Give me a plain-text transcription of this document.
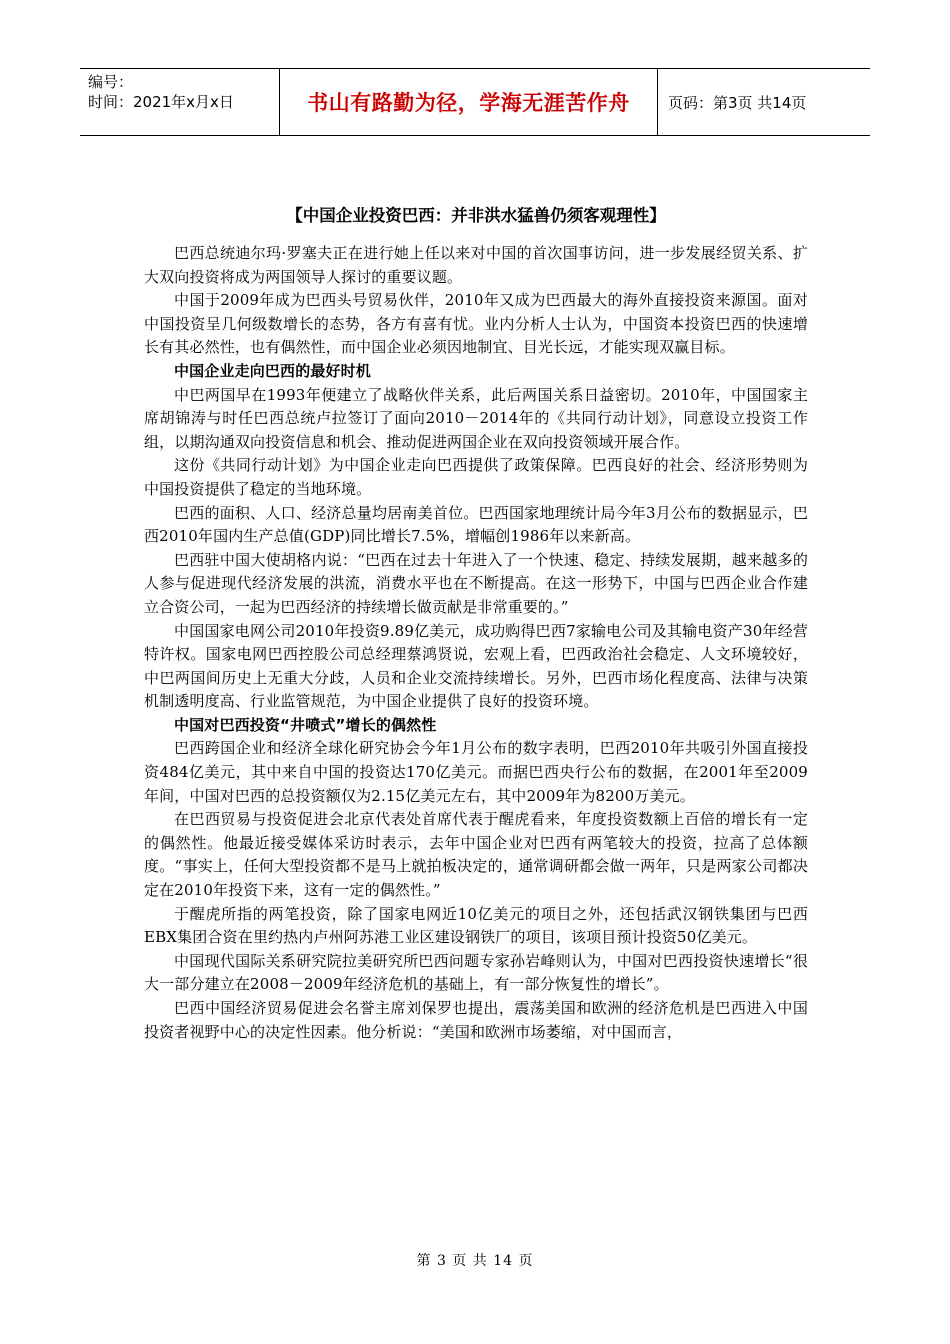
编号：
时间：2021年x月x日	书山有路勤为径，学海无涯苦作舟	页码：第3页 共14页
【中国企业投资巴西：并非洪水猛兽仍须客观理性】

巴西总统迪尔玛·罗塞夫正在进行她上任以来对中国的首次国事访问，进一步发展经贸关系、扩大双向投资将成为两国领导人探讨的重要议题。

中国于2009年成为巴西头号贸易伙伴，2010年又成为巴西最大的海外直接投资来源国。面对中国投资呈几何级数增长的态势，各方有喜有忧。业内分析人士认为，中国资本投资巴西的快速增长有其必然性，也有偶然性，而中国企业必须因地制宜、目光长远，才能实现双赢目标。

中国企业走向巴西的最好时机

中巴两国早在1993年便建立了战略伙伴关系，此后两国关系日益密切。2010年，中国国家主席胡锦涛与时任巴西总统卢拉签订了面向2010－2014年的《共同行动计划》，同意设立投资工作组，以期沟通双向投资信息和机会、推动促进两国企业在双向投资领域开展合作。

这份《共同行动计划》为中国企业走向巴西提供了政策保障。巴西良好的社会、经济形势则为中国投资提供了稳定的当地环境。

巴西的面积、人口、经济总量均居南美首位。巴西国家地理统计局今年3月公布的数据显示，巴西2010年国内生产总值(GDP)同比增长7.5%，增幅创1986年以来新高。

巴西驻中国大使胡格内说：“巴西在过去十年进入了一个快速、稳定、持续发展期，越来越多的人参与促进现代经济发展的洪流，消费水平也在不断提高。在这一形势下，中国与巴西企业合作建立合资公司，一起为巴西经济的持续增长做贡献是非常重要的。”

中国国家电网公司2010年投资9.89亿美元，成功购得巴西7家输电公司及其输电资产30年经营特许权。国家电网巴西控股公司总经理蔡鸿贤说，宏观上看，巴西政治社会稳定、人文环境较好，中巴两国间历史上无重大分歧，人员和企业交流持续增长。另外，巴西市场化程度高、法律与决策机制透明度高、行业监管规范，为中国企业提供了良好的投资环境。

中国对巴西投资“井喷式”增长的偶然性

巴西跨国企业和经济全球化研究协会今年1月公布的数字表明，巴西2010年共吸引外国直接投资484亿美元，其中来自中国的投资达170亿美元。而据巴西央行公布的数据，在2001年至2009年间，中国对巴西的总投资额仅为2.15亿美元左右，其中2009年为8200万美元。

在巴西贸易与投资促进会北京代表处首席代表于醒虎看来，年度投资数额上百倍的增长有一定的偶然性。他最近接受媒体采访时表示，去年中国企业对巴西有两笔较大的投资，拉高了总体额度。“事实上，任何大型投资都不是马上就拍板决定的，通常调研都会做一两年，只是两家公司都决定在2010年投资下来，这有一定的偶然性。”

于醒虎所指的两笔投资，除了国家电网近10亿美元的项目之外，还包括武汉钢铁集团与巴西EBX集团合资在里约热内卢州阿苏港工业区建设钢铁厂的项目，该项目预计投资50亿美元。

中国现代国际关系研究院拉美研究所巴西问题专家孙岩峰则认为，中国对巴西投资快速增长“很大一部分建立在2008－2009年经济危机的基础上，有一部分恢复性的增长”。

巴西中国经济贸易促进会名誉主席刘保罗也提出，震荡美国和欧洲的经济危机是巴西进入中国投资者视野中心的决定性因素。他分析说：“美国和欧洲市场萎缩，对中国而言，

第 3 页 共 14 页
